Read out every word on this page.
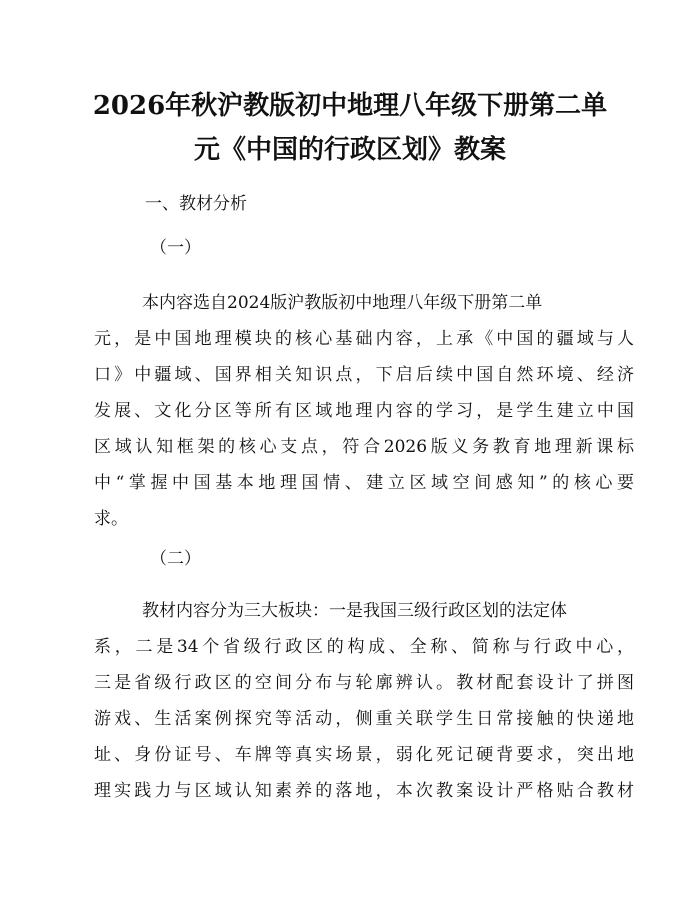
2026年秋沪教版初中地理八年级下册第二单
元《中国的行政区划》教案

一、教材分析

（一）

本内容选自2024版沪教版初中地理八年级下册第二单
元，是中国地理模块的核心基础内容，上承《中国的疆域与人
口》中疆域、国界相关知识点，下启后续中国自然环境、经济
发展、文化分区等所有区域地理内容的学习，是学生建立中国
区域认知框架的核心支点，符合2026版义务教育地理新课标
中“掌握中国基本地理国情、建立区域空间感知”的核心要
求。

（二）

教材内容分为三大板块：一是我国三级行政区划的法定体
系，二是34个省级行政区的构成、全称、简称与行政中心，
三是省级行政区的空间分布与轮廓辨认。教材配套设计了拼图
游戏、生活案例探究等活动，侧重关联学生日常接触的快递地
址、身份证号、车牌等真实场景，弱化死记硬背要求，突出地
理实践力与区域认知素养的落地，本次教案设计严格贴合教材
